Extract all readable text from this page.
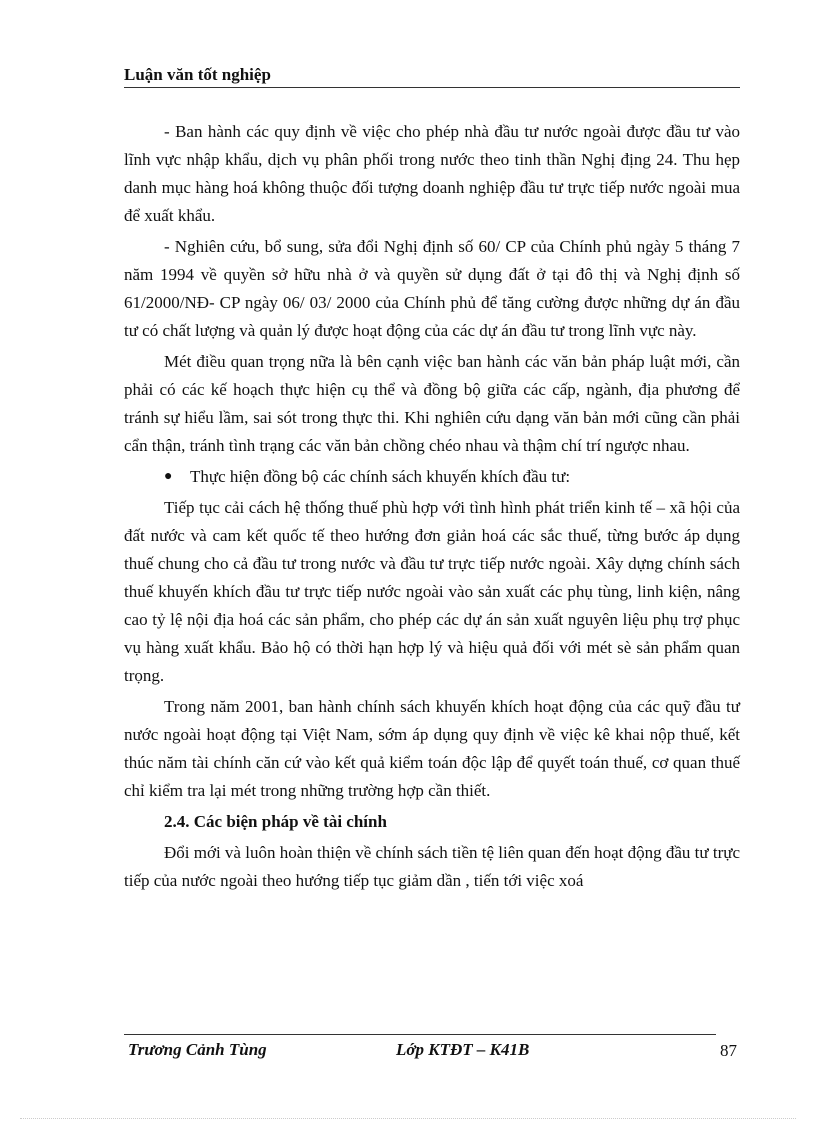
Luận văn tốt nghiệp

- Ban hành các quy định về việc cho phép nhà đầu tư nước ngoài được đầu tư vào lĩnh vực nhập khẩu, dịch vụ phân phối trong nước theo tinh thần Nghị địng 24. Thu hẹp danh mục hàng hoá không thuộc đối tượng doanh nghiệp đầu tư trực tiếp nước ngoài mua để xuất khẩu.

- Nghiên cứu, bổ sung, sửa đổi Nghị định số 60/ CP của Chính phủ ngày 5 tháng 7 năm 1994 về quyền sở hữu nhà ở và quyền sử dụng đất ở tại đô thị và Nghị định số 61/2000/NĐ- CP ngày 06/ 03/ 2000 của Chính phủ để tăng cường được những dự án đầu tư có chất lượng và quản lý được hoạt động của các dự án đầu tư trong lĩnh vực này.

Mét điều quan trọng nữa là bên cạnh việc ban hành các văn bản pháp luật mới, cần phải có các kế hoạch thực hiện cụ thể và đồng bộ giữa các cấp, ngành, địa phương để tránh sự hiểu lầm, sai sót trong thực thi. Khi nghiên cứu dạng văn bản mới cũng cần phải cẩn thận, tránh tình trạng các văn bản chồng chéo nhau và thậm chí trí ngược nhau.

●	Thực hiện đồng bộ các chính sách khuyến khích đầu tư:

Tiếp tục cải cách hệ thống thuế phù hợp với tình hình phát triển kinh tế – xã hội của đất nước và cam kết quốc tế theo hướng đơn giản hoá các sắc thuế, từng bước áp dụng thuế chung cho cả đầu tư trong nước và đầu tư trực tiếp nước ngoài. Xây dựng chính sách thuế khuyến khích đầu tư trực tiếp nước ngoài vào sản xuất các phụ tùng, linh kiện, nâng cao tỷ lệ nội địa hoá các sản phẩm, cho phép các dự án sản xuất nguyên liệu phụ trợ phục vụ hàng xuất khẩu. Bảo hộ có thời hạn hợp lý và hiệu quả đối với mét sè sản phẩm quan trọng.

Trong năm 2001, ban hành chính sách khuyến khích hoạt động của các quỹ đầu tư nước ngoài hoạt động tại Việt Nam, sớm áp dụng quy định về việc kê khai nộp thuế, kết thúc năm tài chính căn cứ vào kết quả kiểm toán độc lập để quyết toán thuế, cơ quan thuế chỉ kiểm tra lại mét trong những trường hợp cần thiết.

2.4. Các biện pháp về tài chính

Đổi mới và luôn hoàn thiện về chính sách tiền tệ liên quan đến hoạt động đầu tư trực tiếp của nước ngoài theo hướng tiếp tục giảm dần , tiến tới việc xoá

Trương Cảnh Tùng	Lớp KTĐT – K41B	87
